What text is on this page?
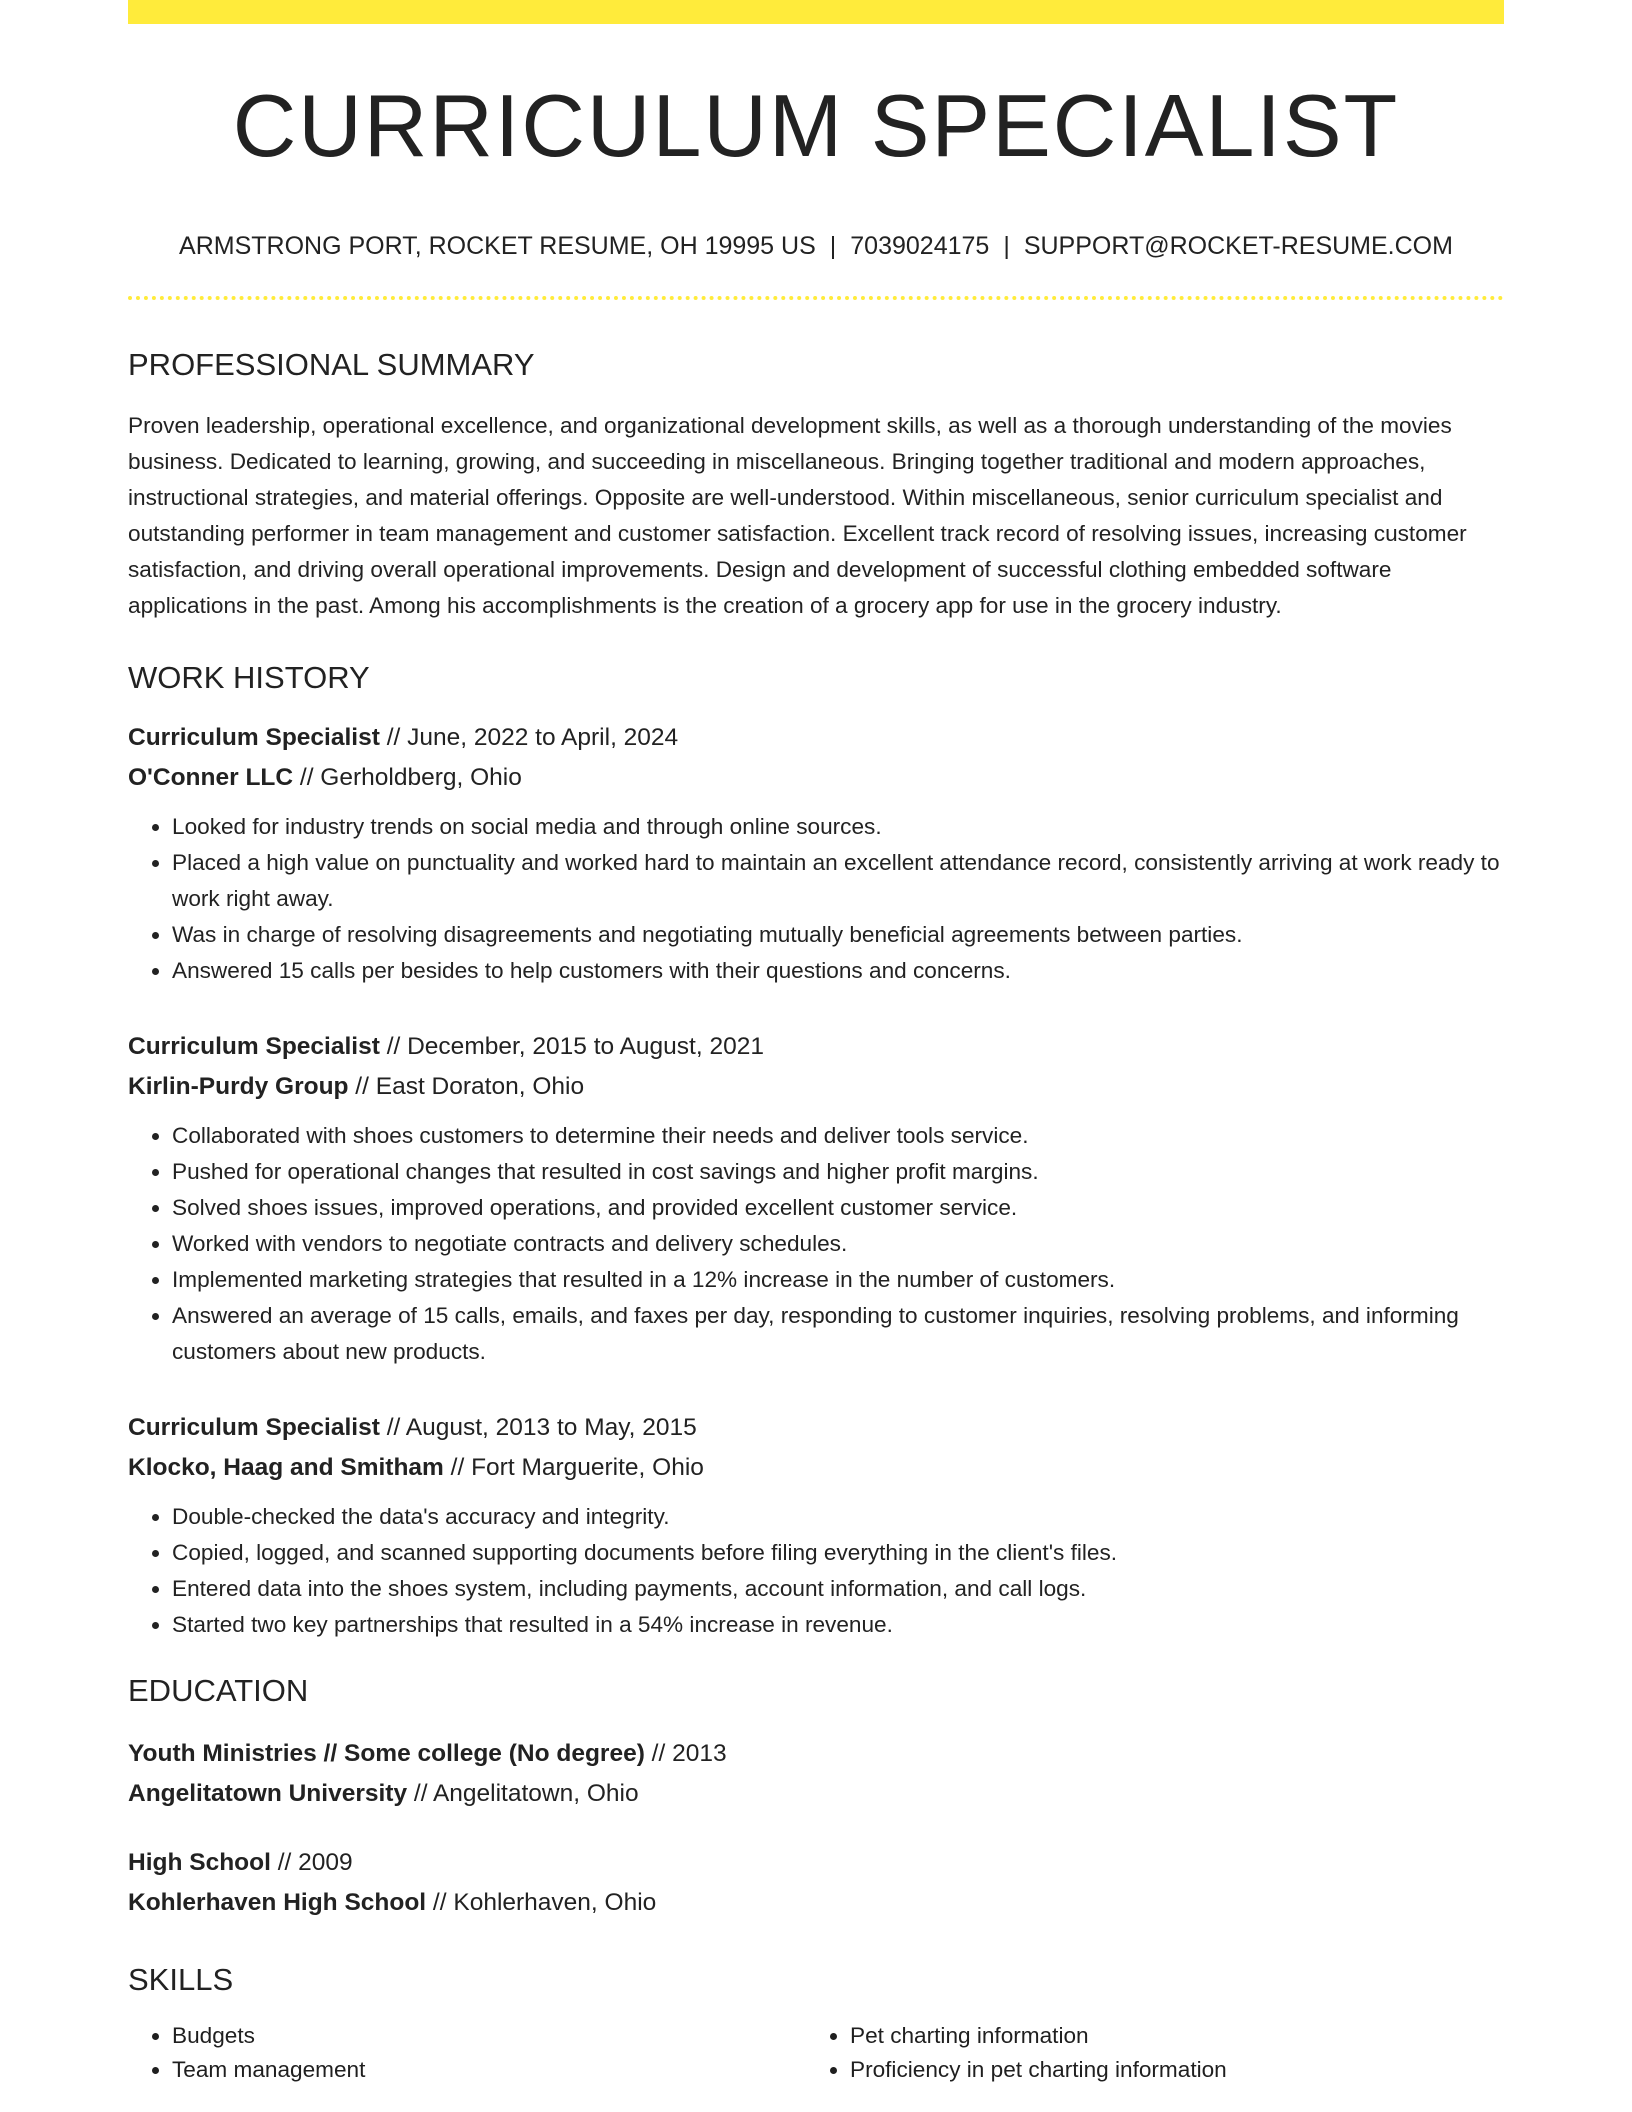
CURRICULUM SPECIALIST
ARMSTRONG PORT, ROCKET RESUME, OH 19995 US | 7039024175 | SUPPORT@ROCKET-RESUME.COM
PROFESSIONAL SUMMARY
Proven leadership, operational excellence, and organizational development skills, as well as a thorough understanding of the movies business. Dedicated to learning, growing, and succeeding in miscellaneous. Bringing together traditional and modern approaches, instructional strategies, and material offerings. Opposite are well-understood. Within miscellaneous, senior curriculum specialist and outstanding performer in team management and customer satisfaction. Excellent track record of resolving issues, increasing customer satisfaction, and driving overall operational improvements. Design and development of successful clothing embedded software applications in the past. Among his accomplishments is the creation of a grocery app for use in the grocery industry.
WORK HISTORY
Curriculum Specialist // June, 2022 to April, 2024
O'Conner LLC // Gerholdberg, Ohio
• Looked for industry trends on social media and through online sources.
• Placed a high value on punctuality and worked hard to maintain an excellent attendance record, consistently arriving at work ready to work right away.
• Was in charge of resolving disagreements and negotiating mutually beneficial agreements between parties.
• Answered 15 calls per besides to help customers with their questions and concerns.
Curriculum Specialist // December, 2015 to August, 2021
Kirlin-Purdy Group // East Doraton, Ohio
• Collaborated with shoes customers to determine their needs and deliver tools service.
• Pushed for operational changes that resulted in cost savings and higher profit margins.
• Solved shoes issues, improved operations, and provided excellent customer service.
• Worked with vendors to negotiate contracts and delivery schedules.
• Implemented marketing strategies that resulted in a 12% increase in the number of customers.
• Answered an average of 15 calls, emails, and faxes per day, responding to customer inquiries, resolving problems, and informing customers about new products.
Curriculum Specialist // August, 2013 to May, 2015
Klocko, Haag and Smitham // Fort Marguerite, Ohio
• Double-checked the data's accuracy and integrity.
• Copied, logged, and scanned supporting documents before filing everything in the client's files.
• Entered data into the shoes system, including payments, account information, and call logs.
• Started two key partnerships that resulted in a 54% increase in revenue.
EDUCATION
Youth Ministries // Some college (No degree) // 2013
Angelitatown University // Angelitatown, Ohio
High School // 2009
Kohlerhaven High School // Kohlerhaven, Ohio
SKILLS
• Budgets
• Team management
• Pet charting information
• Proficiency in pet charting information
